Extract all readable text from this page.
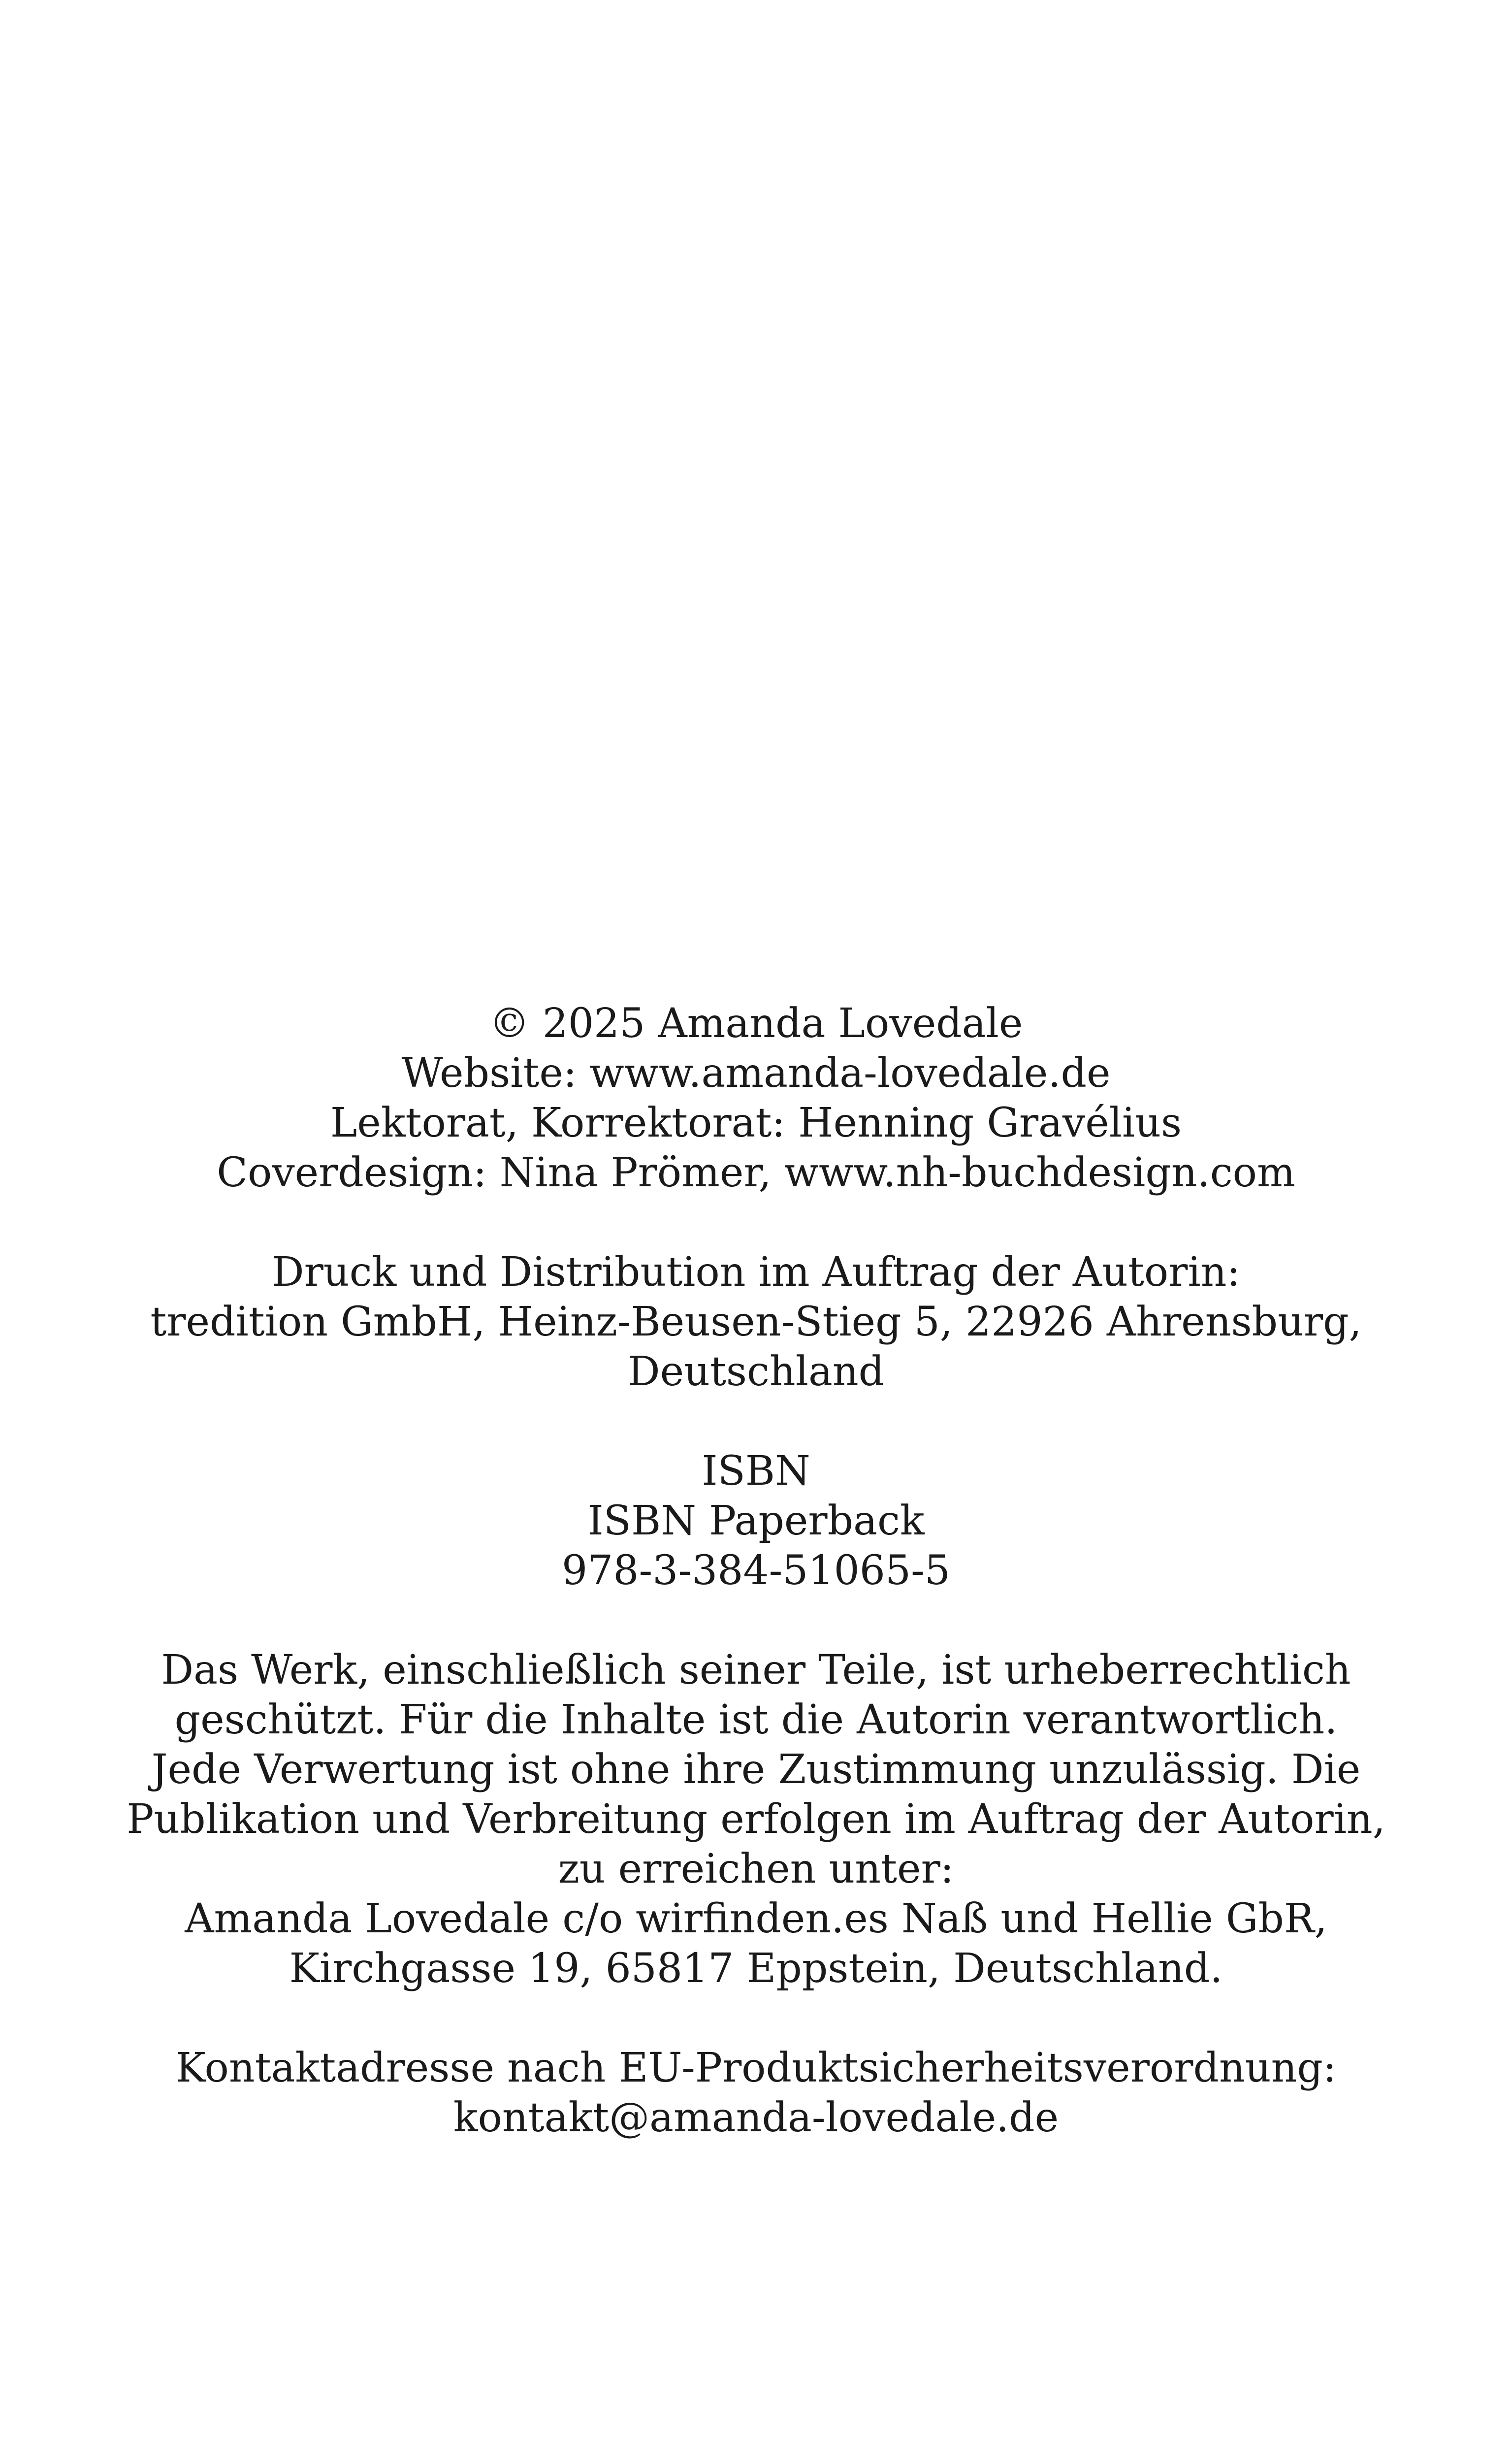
© 2025 Amanda Lovedale
Website: www.amanda-lovedale.de
Lektorat, Korrektorat: Henning Gravélius
Coverdesign: Nina Prömer, www.nh-buchdesign.com

Druck und Distribution im Auftrag der Autorin:
tredition GmbH, Heinz-Beusen-Stieg 5, 22926 Ahrensburg,
Deutschland

ISBN
ISBN Paperback
978-3-384-51065-5

Das Werk, einschließlich seiner Teile, ist urheberrechtlich
geschützt. Für die Inhalte ist die Autorin verantwortlich.
Jede Verwertung ist ohne ihre Zustimmung unzulässig. Die
Publikation und Verbreitung erfolgen im Auftrag der Autorin,
zu erreichen unter:
Amanda Lovedale c/o wirfinden.es Naß und Hellie GbR,
Kirchgasse 19, 65817 Eppstein, Deutschland.

Kontaktadresse nach EU-Produktsicherheitsverordnung:
kontakt@amanda-lovedale.de
